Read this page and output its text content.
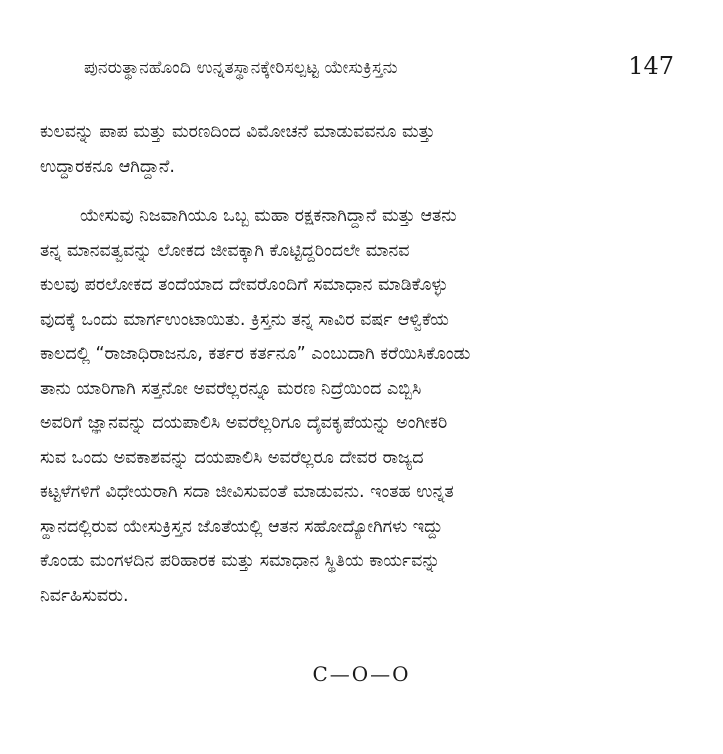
ಪುನರುತ್ಥಾನಹೊಂದಿ ಉನ್ನತಸ್ಥಾನಕ್ಕೇರಿಸಲ್ಪಟ್ಟ ಯೇಸುಕ್ರಿಸ್ತನು	147
ಕುಲವನ್ನು ಪಾಪ ಮತ್ತು ಮರಣದಿಂದ ವಿಮೋಚನೆ ಮಾಡುವವನೂ ಮತ್ತು
ಉದ್ಧಾರಕನೂ ಆಗಿದ್ದಾನೆ.
ಯೇಸುವು ನಿಜವಾಗಿಯೂ ಒಬ್ಬ ಮಹಾ ರಕ್ಷಕನಾಗಿದ್ದಾನೆ ಮತ್ತು ಆತನು
ತನ್ನ ಮಾನವತ್ವವನ್ನು ಲೋಕದ ಜೀವಕ್ಕಾಗಿ ಕೊಟ್ಟಿದ್ದರಿಂದಲೇ ಮಾನವ
ಕುಲವು ಪರಲೋಕದ ತಂದೆಯಾದ ದೇವರೊಂದಿಗೆ ಸಮಾಧಾನ ಮಾಡಿಕೊಳ್ಳು
ವುದಕ್ಕೆ ಒಂದು ಮಾರ್ಗಉಂಟಾಯಿತು. ಕ್ರಿಸ್ತನು ತನ್ನ ಸಾವಿರ ವರ್ಷ ಆಳ್ವಿಕೆಯ
ಕಾಲದಲ್ಲಿ “ರಾಜಾಧಿರಾಜನೂ, ಕರ್ತರ ಕರ್ತನೂ” ಎಂಬುದಾಗಿ ಕರೆಯಿಸಿಕೊಂಡು
ತಾನು ಯಾರಿಗಾಗಿ ಸತ್ತನೋ ಅವರೆಲ್ಲರನ್ನೂ ಮರಣ ನಿದ್ರೆಯಿಂದ ಎಬ್ಬಿಸಿ
ಅವರಿಗೆ ಜ್ಞಾನವನ್ನು ದಯಪಾಲಿಸಿ ಅವರೆಲ್ಲರಿಗೂ ದೈವಕೃಪೆಯನ್ನು ಅಂಗೀಕರಿ
ಸುವ ಒಂದು ಅವಕಾಶವನ್ನು ದಯಪಾಲಿಸಿ ಅವರೆಲ್ಲರೂ ದೇವರ ರಾಜ್ಯದ
ಕಟ್ಟಳೆಗಳಿಗೆ ವಿಧೇಯರಾಗಿ ಸದಾ ಜೀವಿಸುವಂತೆ ಮಾಡುವನು. ಇಂತಹ ಉನ್ನತ
ಸ್ಥಾನದಲ್ಲಿರುವ ಯೇಸುಕ್ರಿಸ್ತನ ಜೊತೆಯಲ್ಲಿ ಆತನ ಸಹೋದ್ಯೋಗಿಗಳು ಇದ್ದು
ಕೊಂಡು ಮಂಗಳದಿನ ಪರಿಹಾರಕ ಮತ್ತು ಸಮಾಧಾನ ಸ್ಥಿತಿಯ ಕಾರ್ಯವನ್ನು
ನಿರ್ವಹಿಸುವರು.
C—O—O
